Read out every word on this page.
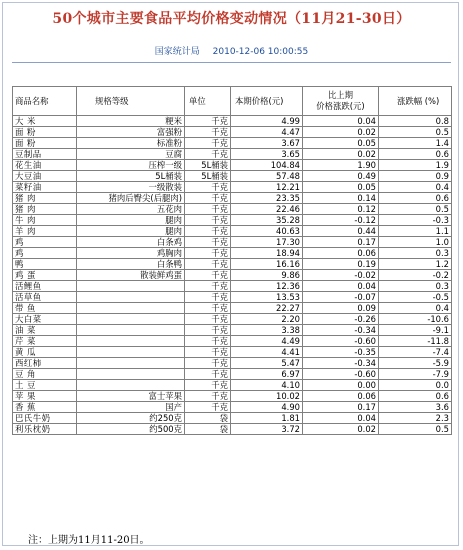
50个城市主要食品平均价格变动情况（11月21-30日）
国家统计局 2010-12-06 10:00:55
商品名称	规格等级	单位	本期价格(元)	比上期
价格涨跌(元)	涨跌幅 (%)
大 米	粳米	千克	4.99	0.04	0.8
面 粉	富强粉	千克	4.47	0.02	0.5
面 粉	标准粉	千克	3.67	0.05	1.4
豆制品	豆腐	千克	3.65	0.02	0.6
花生油	压榨一级	5L桶装	104.84	1.90	1.9
大豆油	5L桶装	5L桶装	57.48	0.49	0.9
菜籽油	一级散装	千克	12.21	0.05	0.4
猪 肉	猪肉后臀尖(后腿肉)	千克	23.35	0.14	0.6
猪 肉	五花肉	千克	22.46	0.12	0.5
牛 肉	腿肉	千克	35.28	-0.12	-0.3
羊 肉	腿肉	千克	40.63	0.44	1.1
鸡	白条鸡	千克	17.30	0.17	1.0
鸡	鸡胸肉	千克	18.94	0.06	0.3
鸭	白条鸭	千克	16.16	0.19	1.2
鸡 蛋	散装鲜鸡蛋	千克	9.86	-0.02	-0.2
活鲤鱼		千克	12.36	0.04	0.3
活草鱼		千克	13.53	-0.07	-0.5
带 鱼		千克	22.27	0.09	0.4
大白菜		千克	2.20	-0.26	-10.6
油 菜		千克	3.38	-0.34	-9.1
芹 菜		千克	4.49	-0.60	-11.8
黄 瓜		千克	4.41	-0.35	-7.4
西红柿		千克	5.47	-0.34	-5.9
豆 角		千克	6.97	-0.60	-7.9
土 豆		千克	4.10	0.00	0.0
苹 果	富士苹果	千克	10.02	0.06	0.6
香 蕉	国产	千克	4.90	0.17	3.6
巴氏牛奶	约250克	袋	1.81	0.04	2.3
利乐枕奶	约500克	袋	3.72	0.02	0.5
注：上期为11月11-20日。
